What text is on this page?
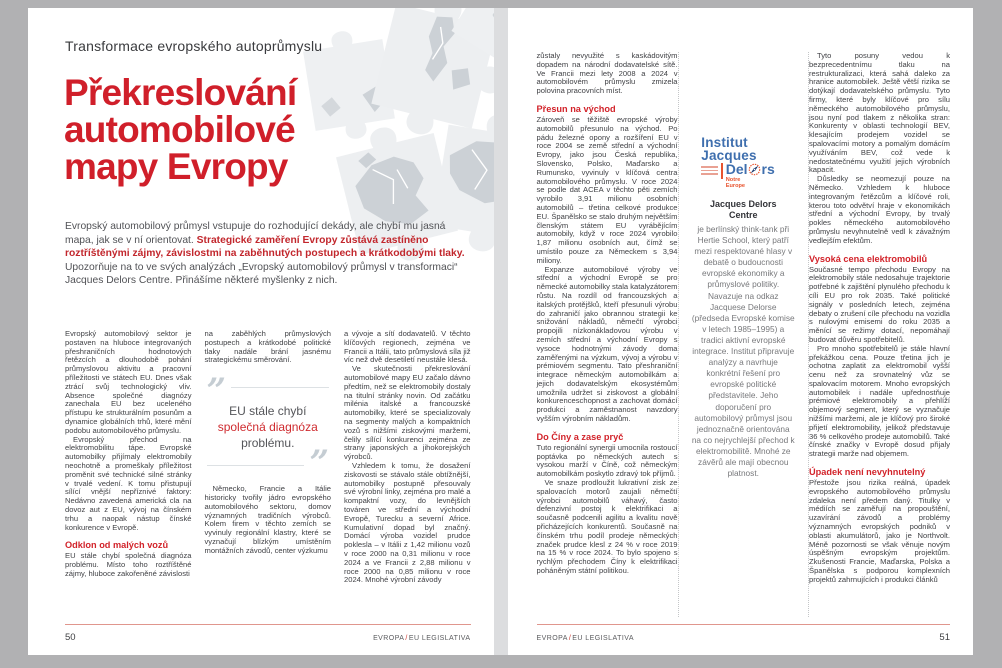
Transformace evropského autoprůmyslu
Překreslování
automobilové
mapy Evropy

Evropský automobilový průmysl vstupuje do rozhodující dekády, ale chybí mu jasná mapa, jak se v ní orientovat. Strategické zaměření Evropy zůstává zastíněno roztříštěnými zájmy, závislostmi na zaběhnutých postupech a krátkodobými tlaky. Upozorňuje na to ve svých analýzách „Evropský automobilový průmysl v transformaci“ Jacques Delors Centre. Přinášíme některé myšlenky z nich.

Evropský automobilový sektor je postaven na hluboce integrovaných přeshraničních hodnotových řetězcích a dlouhodobě pohání průmyslovou aktivitu a pracovní příležitosti ve státech EU. Dnes však ztrácí svůj technologický vliv. Absence společné diagnózy zanechala EU bez uceleného přístupu ke strukturálním posunům a dynamice globálních trhů, které mění podobu automobilového průmyslu.

Evropský přechod na elektromobilitu tápe. Evropské automobilky přijímaly elektromobily neochotně a promeškaly příležitost proměnit své technické silné stránky v trvalé vedení. K tomu přistupují sílící vnější nepříznivé faktory: Nedávno zavedená americká cla na dovoz aut z EU, vývoj na čínském trhu a naopak nástup čínské konkurence v Evropě.

Odklon od malých vozů

EU stále chybí společná diagnóza problému. Místo toho roztříštěné zájmy, hluboce zakořeněné závislosti

na zaběhlých průmyslových postupech a krátkodobé politické tlaky nadále brání jasnému strategickému směrování.

” EU stále chybí
společná diagnóza
problému. ”

Německo, Francie a Itálie historicky tvořily jádro evropského automobilového sektoru, domov významných tradičních výrobců. Kolem firem v těchto zemích se vyvinuly regionální klastry, které se vyznačují blízkým umístěním montážních závodů, center výzkumu

a vývoje a sítí dodavatelů. V těchto klíčových regionech, zejména ve Francii a Itálii, tato průmyslová síla již víc než dvě desetiletí neustále klesá.

Ve skutečnosti překreslování automobilové mapy EU začalo dávno předtím, než se elektromobily dostaly na titulní stránky novin. Od začátku milénia italské a francouzské automobilky, které se specializovaly na segmenty malých a kompaktních vozů s nižšími ziskovými maržemi, čelily sílící konkurenci zejména ze strany japonských a jihokorejských výrobců.

Vzhledem k tomu, že dosažení ziskovosti se stávalo stále obtížnější, automobilky postupně přesouvaly své výrobní linky, zejména pro malé a kompaktní vozy, do levnějších továren ve střední a východní Evropě, Turecku a severní Africe. Kumulativní dopad byl značný. Domácí výroba vozidel prudce poklesla – v Itálii z 1,42 milionu vozů v roce 2000 na 0,31 milionu v roce 2024 a ve Francii z 2,88 milionu v roce 2000 na 0,85 milionu v roce 2024. Mnohé výrobní závody

50	EVROPA/EU LEGISLATIVA

zůstaly nevyužité s kaskádovitým dopadem na národní dodavatelské sítě. Ve Francii mezi lety 2008 a 2024 v automobilovém průmyslu zmizela polovina pracovních míst.

Přesun na východ

Zároveň se těžiště evropské výroby automobilů přesunulo na východ. Po pádu železné opony a rozšíření EU v roce 2004 se země střední a východní Evropy, jako jsou Česká republika, Slovensko, Polsko, Maďarsko a Rumunsko, vyvinuly v klíčová centra automobilového průmyslu. V roce 2024 se podle dat ACEA v těchto pěti zemích vyrobilo 3,91 milionu osobních automobilů – třetina celkové produkce EU. Španělsko se stalo druhým největším členským státem EU vyrábějícím automobily, když v roce 2024 vyrobilo 1,87 milionu osobních aut, čímž se umístilo pouze za Německem s 3,94 miliony.

Expanze automobilové výroby ve střední a východní Evropě se pro německé automobilky stala katalyzátorem růstu. Na rozdíl od francouzských a italských protějšků, kteří přesunuli výrobu do zahraničí jako obrannou strategii ke snižování nákladů, němečtí výrobci propojili nízkonákladovou výrobu v zemích střední a východní Evropy s vysoce hodnotnými závody doma zaměřenými na výzkum, vývoj a výrobu v prémiovém segmentu. Tato přeshraniční integrace německým automobilkám a jejich dodavatelským ekosystémům umožnila udržet si ziskovost a globální konkurenceschopnost a zachovat domácí produkci a zaměstnanost navzdory vyšším výrobním nákladům.

Do Číny a zase pryč

Tuto regionální synergii umocnila rostoucí poptávka po německých autech s vysokou marží v Číně, což německým automobilkám poskytlo zdravý tok příjmů.

Ve snaze prodloužit lukrativní zisk ze spalovacích motorů zaujali němečtí výrobci automobilů váhavý, často defenzivní postoj k elektrifikaci a současně podcenili agilitu a kvalitu nově přicházejících konkurentů. Současně na čínském trhu podíl prodeje německých značek prudce klesl z 24 % v roce 2019 na 15 % v roce 2024. To bylo spojeno s rychlým přechodem Číny k elektrifikaci poháněným státní politikou.

Institut
Jacques
Del rs
Notre Europe
Jacques Delors Centre
je berlínský think-tank při Hertie School, který patří mezi respektované hlasy v debatě o budoucnosti evropské ekonomiky a průmyslové politiky. Navazuje na odkaz Jacquese Delorse (předseda Evropské komise v letech 1985–1995) a tradici aktivní evropské integrace. Institut připravuje analýzy a navrhuje konkrétní řešení pro evropské politické představitele. Jeho doporučení pro automobilový průmysl jsou jednoznačně orientována na co nejrychlejší přechod k elektromobilitě. Mnohé ze závěrů ale mají obecnou platnost.

Tyto posuny vedou k bezprecedentnímu tlaku na restrukturalizaci, která sahá daleko za hranice automobilek. Ještě větší rizika se dotýkají dodavatelského průmyslu. Tyto firmy, které byly klíčové pro sílu německého automobilového průmyslu, jsou nyní pod tlakem z několika stran: Konkurenty v oblasti technologií BEV, klesajícím prodejem vozidel se spalovacími motory a pomalým domácím využíváním BEV, což vede k nedostatečnému využití jejich výrobních kapacit.

Důsledky se neomezují pouze na Německo. Vzhledem k hluboce integrovaným řetězcům a klíčové roli, kterou toto odvětví hraje v ekonomikách střední a východní Evropy, by trvalý pokles německého automobilového průmyslu nevyhnutelně vedl k závažným vedlejším efektům.

Vysoká cena elektromobilů

Současné tempo přechodu Evropy na elektromobily stále nedosahuje trajektorie potřebné k zajištění plynulého přechodu k cíli EU pro rok 2035. Také politické signály v posledních letech, zejména debaty o zrušení cíle přechodu na vozidla s nulovými emisemi do roku 2035 a měnící se režimy dotací, nepomáhají budovat důvěru spotřebitelů.

Pro mnoho spotřebitelů je stále hlavní překážkou cena. Pouze třetina jich je ochotna zaplatit za elektromobil vyšší cenu než za srovnatelný vůz se spalovacím motorem. Mnoho evropských automobilek i nadále upřednostňuje prémiové elektromobily a přehlíží objemový segment, který se vyznačuje nižšími maržemi, ale je klíčový pro široké přijetí elektromobility, jelikož představuje 36 % celkového prodeje automobilů. Také čínské značky v Evropě dosud přijaly strategii marže nad objemem.

Úpadek není nevyhnutelný

Přestože jsou rizika reálná, úpadek evropského automobilového průmyslu zdaleka není předem daný. Titulky v médiích se zaměřují na propouštění, uzavírání závodů a problémy významných evropských podniků v oblasti akumulátorů, jako je Northvolt. Méně pozornosti se však věnuje novým úspěšným evropským projektům. Zkušenosti Francie, Maďarska, Polska a Španělska s podporou komplexních projektů zahrnujících i produkci článků

EVROPA/EU LEGISLATIVA	51
